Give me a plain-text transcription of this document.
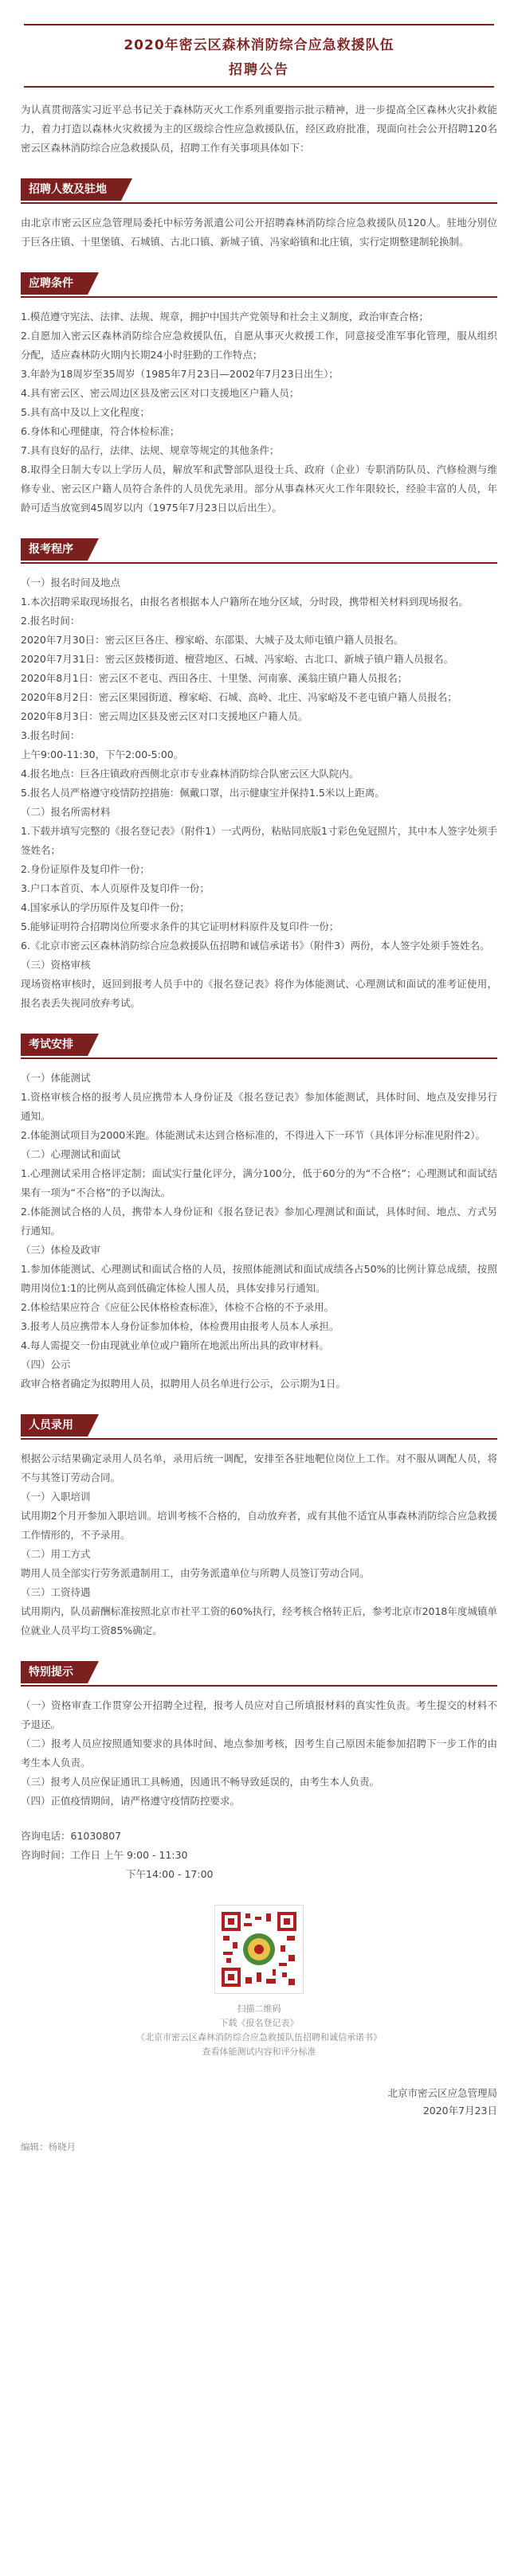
2020年密云区森林消防综合应急救援队伍
招聘公告
为认真贯彻落实习近平总书记关于森林防灭火工作系列重要指示批示精神，进一步提高全区森林火灾扑救能力，着力打造以森林火灾救援为主的区级综合性应急救援队伍，经区政府批准，现面向社会公开招聘120名密云区森林消防综合应急救援队员，招聘工作有关事项具体如下：
招聘人数及驻地

由北京市密云区应急管理局委托中标劳务派遣公司公开招聘森林消防综合应急救援队员120人。驻地分别位于巨各庄镇、十里堡镇、石城镇、古北口镇、新城子镇、冯家峪镇和北庄镇，实行定期整建制轮换制。

应聘条件

1.模范遵守宪法、法律、法规、规章，拥护中国共产党领导和社会主义制度，政治审查合格；

2.自愿加入密云区森林消防综合应急救援队伍，自愿从事灭火救援工作，同意接受准军事化管理，服从组织分配，适应森林防火期内长期24小时驻勤的工作特点；

3.年龄为18周岁至35周岁（1985年7月23日—2002年7月23日出生）；

4.具有密云区、密云周边区县及密云区对口支援地区户籍人员；

5.具有高中及以上文化程度；

6.身体和心理健康，符合体检标准；

7.具有良好的品行，法律、法规、规章等规定的其他条件；

8.取得全日制大专以上学历人员，解放军和武警部队退役士兵、政府（企业）专职消防队员、汽修检测与维修专业、密云区户籍人员符合条件的人员优先录用。部分从事森林灭火工作年限较长，经验丰富的人员，年龄可适当放宽到45周岁以内（1975年7月23日以后出生）。

报考程序

（一）报名时间及地点

1.本次招聘采取现场报名，由报名者根据本人户籍所在地分区域，分时段，携带相关材料到现场报名。

2.报名时间：

2020年7月30日：密云区巨各庄、穆家峪、东邵渠、大城子及太师屯镇户籍人员报名。

2020年7月31日：密云区鼓楼街道、檀营地区、石城、冯家峪、古北口、新城子镇户籍人员报名。

2020年8月1日：密云区不老屯、西田各庄、十里堡、河南寨、溪翁庄镇户籍人员报名；

2020年8月2日：密云区果园街道、穆家峪、石城、高岭、北庄、冯家峪及不老屯镇户籍人员报名；

2020年8月3日：密云周边区县及密云区对口支援地区户籍人员。

3.报名时间：

上午9:00-11:30，下午2:00-5:00。

4.报名地点：巨各庄镇政府西侧北京市专业森林消防综合队密云区大队院内。

5.报名人员严格遵守疫情防控措施：佩戴口罩，出示健康宝并保持1.5米以上距离。

（二）报名所需材料

1.下载并填写完整的《报名登记表》（附件1）一式两份，粘贴同底版1寸彩色免冠照片，其中本人签字处须手签姓名；

2.身份证原件及复印件一份；

3.户口本首页、本人页原件及复印件一份；

4.国家承认的学历原件及复印件一份；

5.能够证明符合招聘岗位所要求条件的其它证明材料原件及复印件一份；

6.《北京市密云区森林消防综合应急救援队伍招聘和诚信承诺书》（附件3）两份，本人签字处须手签姓名。

（三）资格审核

现场资格审核时，返回到报考人员手中的《报名登记表》将作为体能测试、心理测试和面试的准考证使用，报名表丢失视同放弃考试。

考试安排

（一）体能测试

1.资格审核合格的报考人员应携带本人身份证及《报名登记表》参加体能测试，具体时间、地点及安排另行通知。

2.体能测试项目为2000米跑。体能测试未达到合格标准的，不得进入下一环节（具体评分标准见附件2）。

（二）心理测试和面试

1.心理测试采用合格评定制；面试实行量化评分，满分100分，低于60分的为“不合格”；心理测试和面试结果有一项为“不合格”的予以淘汰。

2.体能测试合格的人员，携带本人身份证和《报名登记表》参加心理测试和面试，具体时间、地点、方式另行通知。

（三）体检及政审

1.参加体能测试、心理测试和面试合格的人员，按照体能测试和面试成绩各占50%的比例计算总成绩，按照聘用岗位1:1的比例从高到低确定体检人围人员，具体安排另行通知。

2.体检结果应符合《应征公民体格检查标准》，体检不合格的不予录用。

3.报考人员应携带本人身份证参加体检，体检费用由报考人员本人承担。

4.每人需提交一份由现就业单位或户籍所在地派出所出具的政审材料。

（四）公示

政审合格者确定为拟聘用人员，拟聘用人员名单进行公示，公示期为1日。

人员录用

根据公示结果确定录用人员名单，录用后统一调配，安排至各驻地靶位岗位上工作。对不服从调配人员，将不与其签订劳动合同。

（一）入职培训

试用期2个月开参加入职培训。培训考核不合格的，自动放弃者，或有其他不适宜从事森林消防综合应急救援工作情形的，不予录用。

（二）用工方式

聘用人员全部实行劳务派遣制用工，由劳务派遣单位与所聘人员签订劳动合同。

（三）工资待遇

试用期内，队员薪酬标准按照北京市社平工资的60%执行，经考核合格转正后，参考北京市2018年度城镇单位就业人员平均工资85%确定。

特别提示

（一）资格审查工作贯穿公开招聘全过程，报考人员应对自己所填报材料的真实性负责。考生提交的材料不予退还。

（二）报考人员应按照通知要求的具体时间、地点参加考核，因考生自己原因未能参加招聘下一步工作的由考生本人负责。

（三）报考人员应保证通讯工具畅通，因通讯不畅导致延误的，由考生本人负责。

（四）正值疫情期间，请严格遵守疫情防控要求。

咨询电话：61030807
咨询时间：工作日 上午 9:00 - 11:30
下午14:00 - 17:00
扫描二维码
下载《报名登记表》
《北京市密云区森林消防综合应急救援队伍招聘和诚信承诺书》
查看体能测试内容和评分标准
北京市密云区应急管理局
2020年7月23日
编辑：杨晓月
